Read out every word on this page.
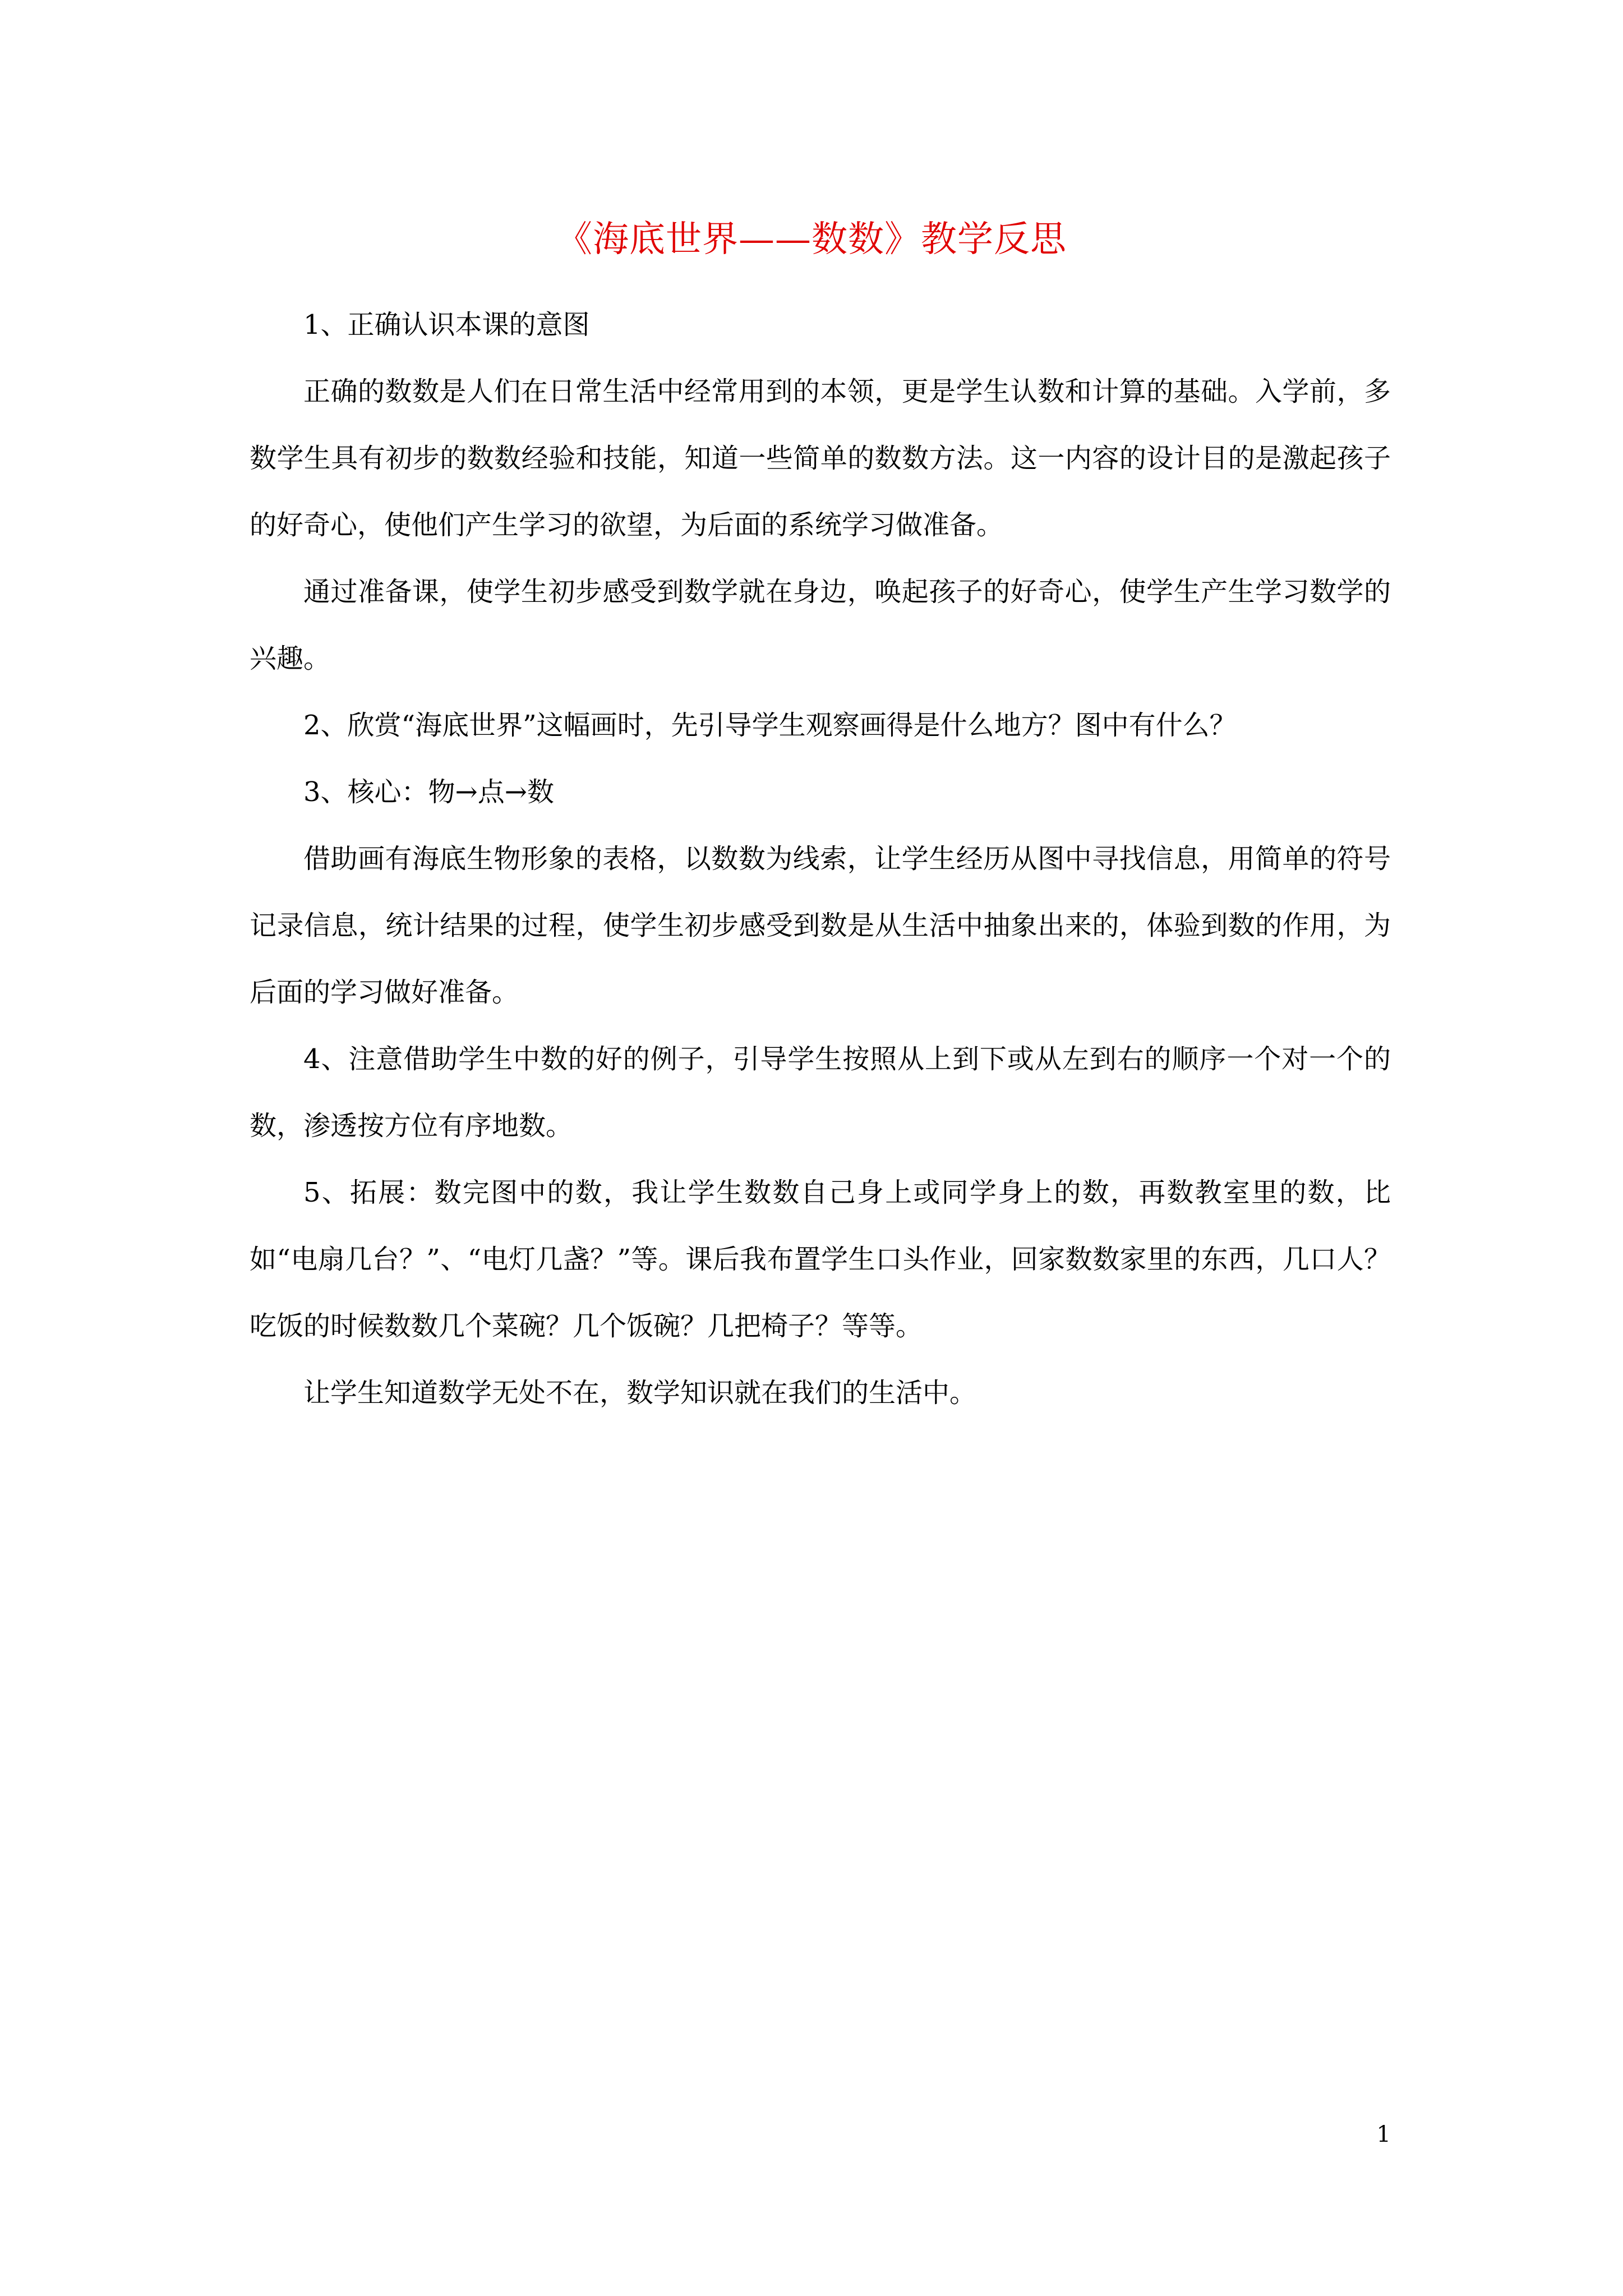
《海底世界——数数》教学反思

1、正确认识本课的意图

正确的数数是人们在日常生活中经常用到的本领，更是学生认数和计算的基础。入学前，多数学生具有初步的数数经验和技能，知道一些简单的数数方法。这一内容的设计目的是激起孩子的好奇心，使他们产生学习的欲望，为后面的系统学习做准备。

通过准备课，使学生初步感受到数学就在身边，唤起孩子的好奇心，使学生产生学习数学的兴趣。

2、欣赏“海底世界”这幅画时，先引导学生观察画得是什么地方？图中有什么？

3、核心：物→点→数

借助画有海底生物形象的表格，以数数为线索，让学生经历从图中寻找信息，用简单的符号记录信息，统计结果的过程，使学生初步感受到数是从生活中抽象出来的，体验到数的作用，为后面的学习做好准备。

4、注意借助学生中数的好的例子，引导学生按照从上到下或从左到右的顺序一个对一个的数，渗透按方位有序地数。

5、拓展：数完图中的数，我让学生数数自己身上或同学身上的数，再数教室里的数，比如“电扇几台？”、“电灯几盏？”等。课后我布置学生口头作业，回家数数家里的东西，几口人？吃饭的时候数数几个菜碗？几个饭碗？几把椅子？等等。

让学生知道数学无处不在，数学知识就在我们的生活中。

1
